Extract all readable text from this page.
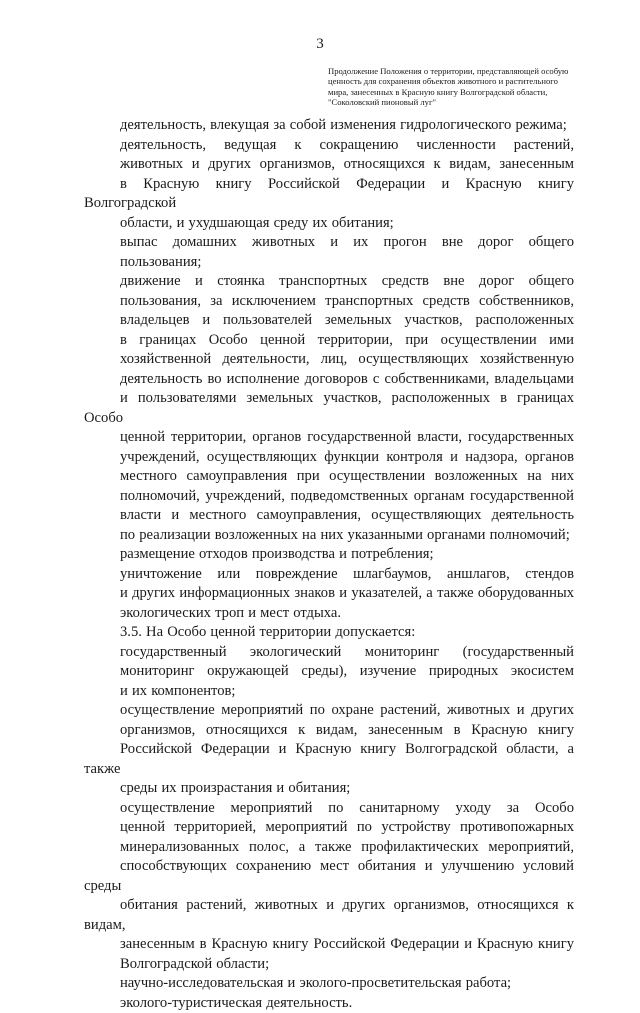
3
Продолжение Положения о территории, представляющей особую
ценность для сохранения объектов животного и растительного
мира, занесенных в Красную книгу Волгоградской области,
"Соколовский пионовый луг"
деятельность, влекущая за собой изменения гидрологического режима;
деятельность, ведущая к сокращению численности растений,
животных и других организмов, относящихся к видам, занесенным
в Красную книгу Российской Федерации и Красную книгу Волгоградской
области, и ухудшающая среду их обитания;
выпас домашних животных и их прогон вне дорог общего
пользования;
движение и стоянка транспортных средств вне дорог общего
пользования, за исключением транспортных средств собственников,
владельцев и пользователей земельных участков, расположенных
в границах Особо ценной территории, при осуществлении ими
хозяйственной деятельности, лиц, осуществляющих хозяйственную
деятельность во исполнение договоров с собственниками, владельцами
и пользователями земельных участков, расположенных в границах Особо
ценной территории, органов государственной власти, государственных
учреждений, осуществляющих функции контроля и надзора, органов
местного самоуправления при осуществлении возложенных на них
полномочий, учреждений, подведомственных органам государственной
власти и местного самоуправления, осуществляющих деятельность
по реализации возложенных на них указанными органами полномочий;
размещение отходов производства и потребления;
уничтожение или повреждение шлагбаумов, аншлагов, стендов
и других информационных знаков и указателей, а также оборудованных
экологических троп и мест отдыха.
3.5. На Особо ценной территории допускается:
государственный экологический мониторинг (государственный
мониторинг окружающей среды), изучение природных экосистем
и их компонентов;
осуществление мероприятий по охране растений, животных и других
организмов, относящихся к видам, занесенным в Красную книгу
Российской Федерации и Красную книгу Волгоградской области, а также
среды их произрастания и обитания;
осуществление мероприятий по санитарному уходу за Особо
ценной территорией, мероприятий по устройству противопожарных
минерализованных полос, а также профилактических мероприятий,
способствующих сохранению мест обитания и улучшению условий среды
обитания растений, животных и других организмов, относящихся к видам,
занесенным в Красную книгу Российской Федерации и Красную книгу
Волгоградской области;
научно-исследовательская и эколого-просветительская работа;
эколого-туристическая деятельность.
